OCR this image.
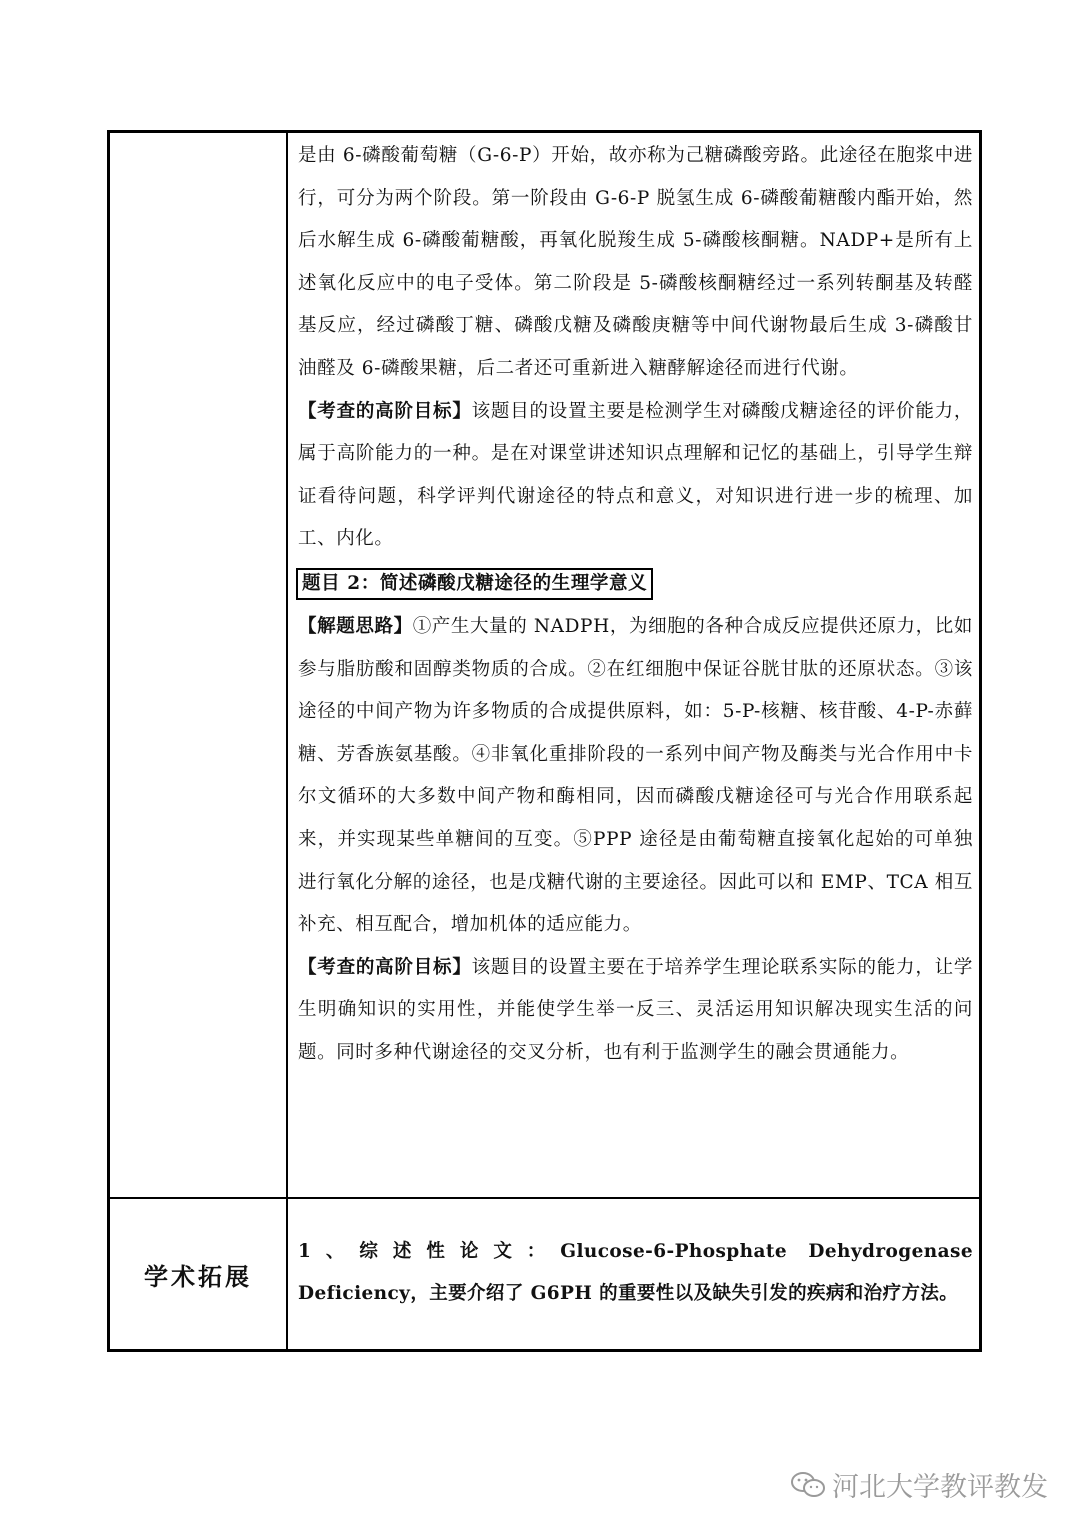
是由 6-磷酸葡萄糖（G-6-P）开始，故亦称为己糖磷酸旁路。此途径在胞浆中进行，可分为两个阶段。第一阶段由 G-6-P 脱氢生成 6-磷酸葡糖酸内酯开始，然后水解生成 6-磷酸葡糖酸，再氧化脱羧生成 5-磷酸核酮糖。NADP+是所有上述氧化反应中的电子受体。第二阶段是 5-磷酸核酮糖经过一系列转酮基及转醛基反应，经过磷酸丁糖、磷酸戊糖及磷酸庚糖等中间代谢物最后生成 3-磷酸甘油醛及 6-磷酸果糖，后二者还可重新进入糖酵解途径而进行代谢。

【考查的高阶目标】该题目的设置主要是检测学生对磷酸戊糖途径的评价能力，属于高阶能力的一种。是在对课堂讲述知识点理解和记忆的基础上，引导学生辩证看待问题，科学评判代谢途径的特点和意义，对知识进行进一步的梳理、加工、内化。

题目 2：简述磷酸戊糖途径的生理学意义

【解题思路】①产生大量的 NADPH，为细胞的各种合成反应提供还原力，比如参与脂肪酸和固醇类物质的合成。②在红细胞中保证谷胱甘肽的还原状态。③该途径的中间产物为许多物质的合成提供原料，如：5-P-核糖、核苷酸、4-P-赤藓糖、芳香族氨基酸。④非氧化重排阶段的一系列中间产物及酶类与光合作用中卡尔文循环的大多数中间产物和酶相同，因而磷酸戊糖途径可与光合作用联系起来，并实现某些单糖间的互变。⑤PPP 途径是由葡萄糖直接氧化起始的可单独进行氧化分解的途径，也是戊糖代谢的主要途径。因此可以和 EMP、TCA 相互补充、相互配合，增加机体的适应能力。

【考查的高阶目标】该题目的设置主要在于培养学生理论联系实际的能力，让学生明确知识的实用性，并能使学生举一反三、灵活运用知识解决现实生活的问题。同时多种代谢途径的交叉分析，也有利于监测学生的融会贯通能力。

学术拓展
1、综述性论文：Glucose-6-Phosphate Dehydrogenase Deficiency，主要介绍了 G6PH 的重要性以及缺失引发的疾病和治疗方法。
河北大学教评教发
